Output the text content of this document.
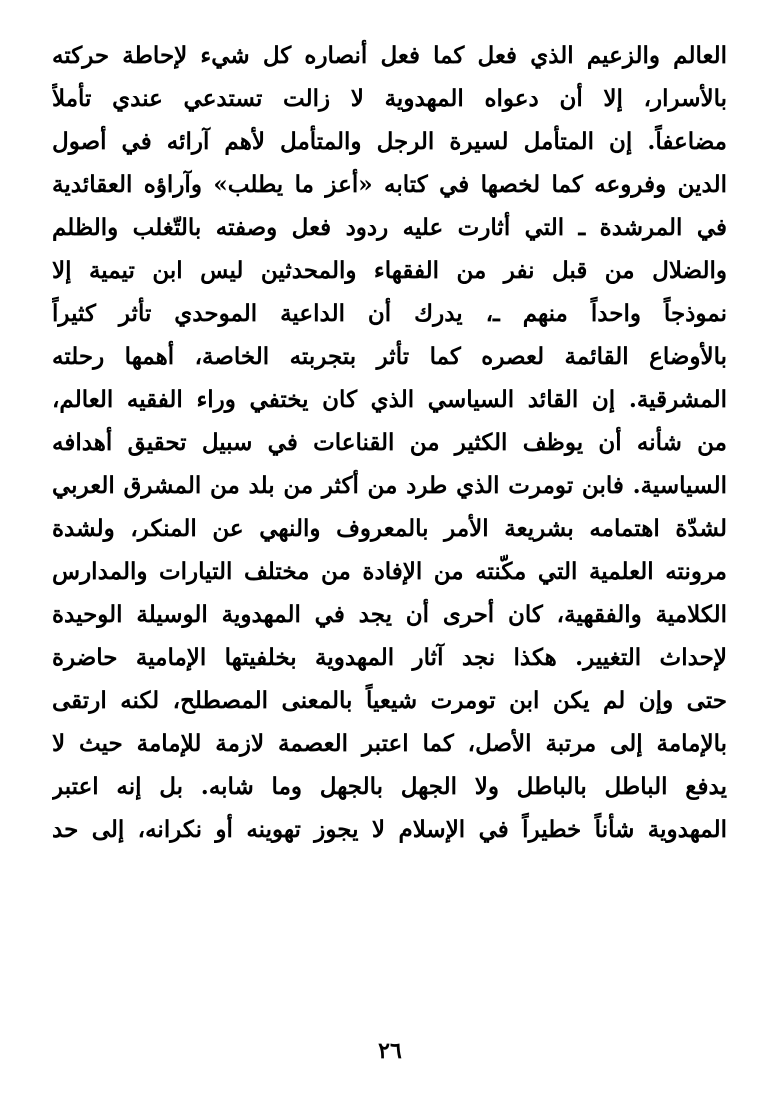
العالم والزعيم الذي فعل كما فعل أنصاره كل شيء لإحاطة حركته
بالأسرار، إلا أن دعواه المهدوية لا زالت تستدعي عندي تأملاً
مضاعفاً. إن المتأمل لسيرة الرجل والمتأمل لأهم آرائه في أصول
الدين وفروعه كما لخصها في كتابه «أعز ما يطلب» وآراؤه العقائدية
في المرشدة ـ التي أثارت عليه ردود فعل وصفته بالتّغلب والظلم
والضلال من قبل نفر من الفقهاء والمحدثين ليس ابن تيمية إلا
نموذجاً واحداً منهم ـ، يدرك أن الداعية الموحدي تأثر كثيراً
بالأوضاع القائمة لعصره كما تأثر بتجربته الخاصة، أهمها رحلته
المشرقية. إن القائد السياسي الذي كان يختفي وراء الفقيه العالم،
من شأنه أن يوظف الكثير من القناعات في سبيل تحقيق أهدافه
السياسية. فابن تومرت الذي طرد من أكثر من بلد من المشرق العربي
لشدّة اهتمامه بشريعة الأمر بالمعروف والنهي عن المنكر، ولشدة
مرونته العلمية التي مكّنته من الإفادة من مختلف التيارات والمدارس
الكلامية والفقهية، كان أحرى أن يجد في المهدوية الوسيلة الوحيدة
لإحداث التغيير. هكذا نجد آثار المهدوية بخلفيتها الإمامية حاضرة
حتى وإن لم يكن ابن تومرت شيعياً بالمعنى المصطلح، لكنه ارتقى
بالإمامة إلى مرتبة الأصل، كما اعتبر العصمة لازمة للإمامة حيث لا
يدفع الباطل بالباطل ولا الجهل بالجهل وما شابه. بل إنه اعتبر
المهدوية شأناً خطيراً في الإسلام لا يجوز تهوينه أو نكرانه، إلى حد
٢٦
